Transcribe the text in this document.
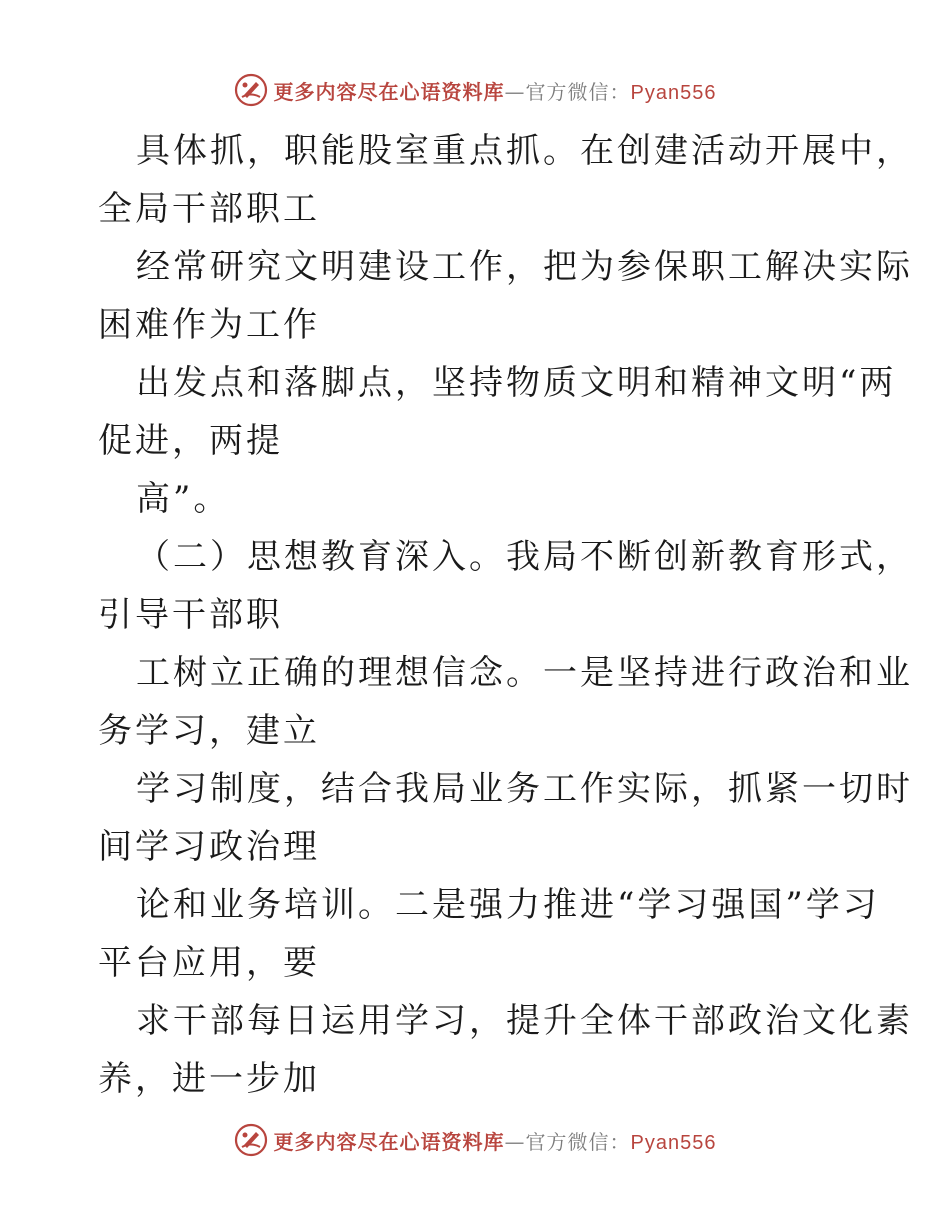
更多内容尽在心语资料库—官方微信：Pyan556

具体抓，职能股室重点抓。在创建活动开展中，
全局干部职工

经常研究文明建设工作，把为参保职工解决实际
困难作为工作

出发点和落脚点，坚持物质文明和精神文明“两
促进，两提

高”。

（二）思想教育深入。我局不断创新教育形式，
引导干部职

工树立正确的理想信念。一是坚持进行政治和业
务学习，建立

学习制度，结合我局业务工作实际，抓紧一切时
间学习政治理

论和业务培训。二是强力推进“学习强国”学习
平台应用，要

求干部每日运用学习，提升全体干部政治文化素
养，进一步加

更多内容尽在心语资料库—官方微信：Pyan556
